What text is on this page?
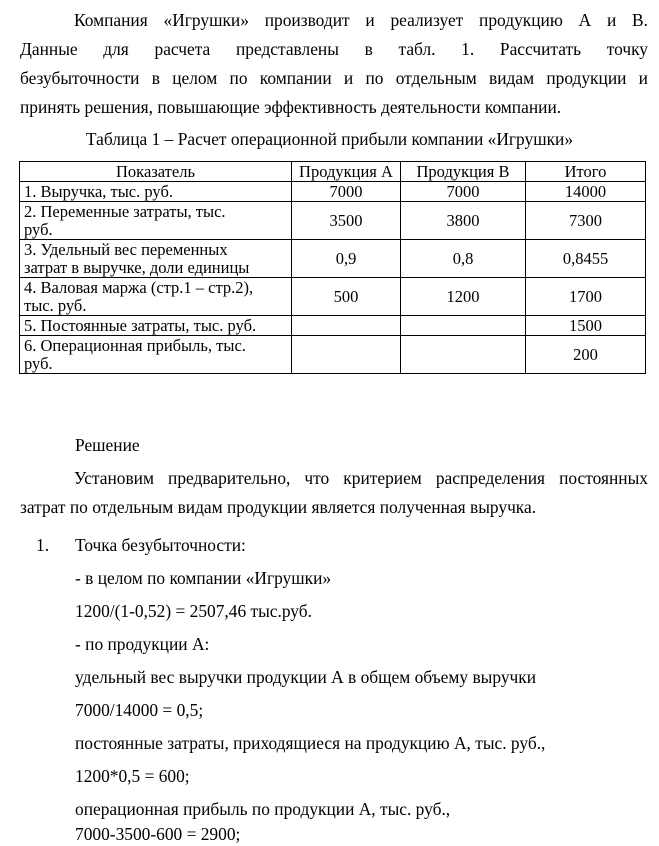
Компания «Игрушки» производит и реализует продукцию А и В.
Данные для расчета представлены в табл. 1. Рассчитать точку
безубыточности в целом по компании и по отдельным видам продукции и
принять решения, повышающие эффективность деятельности компании.
Таблица 1 – Расчет операционной прибыли компании «Игрушки»
Показатель	Продукция А	Продукция В	Итого
1. Выручка, тыс. руб.	7000	7000	14000
2. Переменные затраты, тыс.
руб.	3500	3800	7300
3. Удельный вес переменных
затрат в выручке, доли единицы	0,9	0,8	0,8455
4. Валовая маржа (стр.1 – стр.2),
тыс. руб.	500	1200	1700
5. Постоянные затраты, тыс. руб.			1500
6. Операционная прибыль, тыс.
руб.			200
Решение
Установим предварительно, что критерием распределения постоянных
затрат по отдельным видам продукции является полученная выручка.
1. Точка безубыточности:
- в целом по компании «Игрушки»
1200/(1-0,52) = 2507,46 тыс.руб.
- по продукции А:
удельный вес выручки продукции А в общем объему выручки
7000/14000 = 0,5;
постоянные затраты, приходящиеся на продукцию А, тыс. руб.,
1200*0,5 = 600;
операционная прибыль по продукции А, тыс. руб.,
7000-3500-600 = 2900;
